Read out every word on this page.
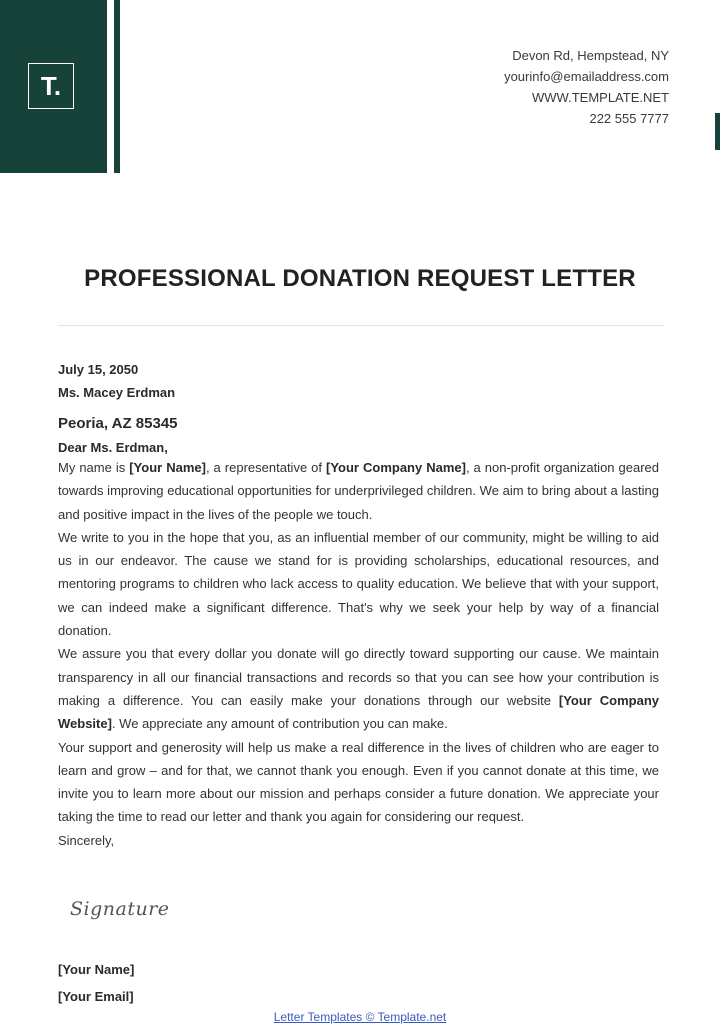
T.
Devon Rd, Hempstead, NY
yourinfo@emailaddress.com
WWW.TEMPLATE.NET
222 555 7777
PROFESSIONAL DONATION REQUEST LETTER
July 15, 2050
Ms. Macey Erdman
Peoria, AZ 85345
Dear Ms. Erdman,

My name is [Your Name], a representative of [Your Company Name], a non-profit organization geared towards improving educational opportunities for underprivileged children. We aim to bring about a lasting and positive impact in the lives of the people we touch.

We write to you in the hope that you, as an influential member of our community, might be willing to aid us in our endeavor. The cause we stand for is providing scholarships, educational resources, and mentoring programs to children who lack access to quality education. We believe that with your support, we can indeed make a significant difference. That's why we seek your help by way of a financial donation.

We assure you that every dollar you donate will go directly toward supporting our cause. We maintain transparency in all our financial transactions and records so that you can see how your contribution is making a difference. You can easily make your donations through our website [Your Company Website]. We appreciate any amount of contribution you can make.

Your support and generosity will help us make a real difference in the lives of children who are eager to learn and grow – and for that, we cannot thank you enough. Even if you cannot donate at this time, we invite you to learn more about our mission and perhaps consider a future donation. We appreciate your taking the time to read our letter and thank you again for considering our request.

Sincerely,

Signature
[Your Name]
[Your Email]
Letter Templates © Template.net
